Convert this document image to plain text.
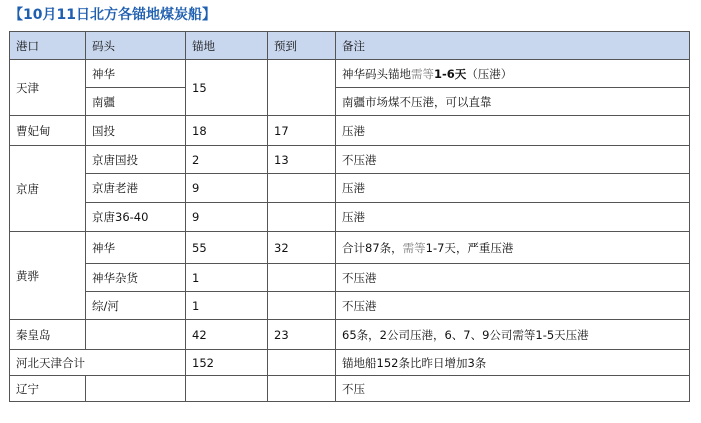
【10月11日北方各锚地煤炭船】
港口	码头	锚地	预到	备注
天津	神华	15		神华码头锚地需等1-6天（压港）
	南疆			南疆市场煤不压港，可以直靠
曹妃甸	国投	18	17	压港
京唐	京唐国投	2	13	不压港
	京唐老港	9		压港
	京唐36-40	9		压港
黄骅	神华	55	32	合计87条，需等1-7天，严重压港
	神华杂货	1		不压港
	综/河	1		不压港
秦皇岛		42	23	65条，2公司压港，6、7、9公司需等1-5天压港
河北天津合计		152		锚地船152条比昨日增加3条
辽宁				不压
